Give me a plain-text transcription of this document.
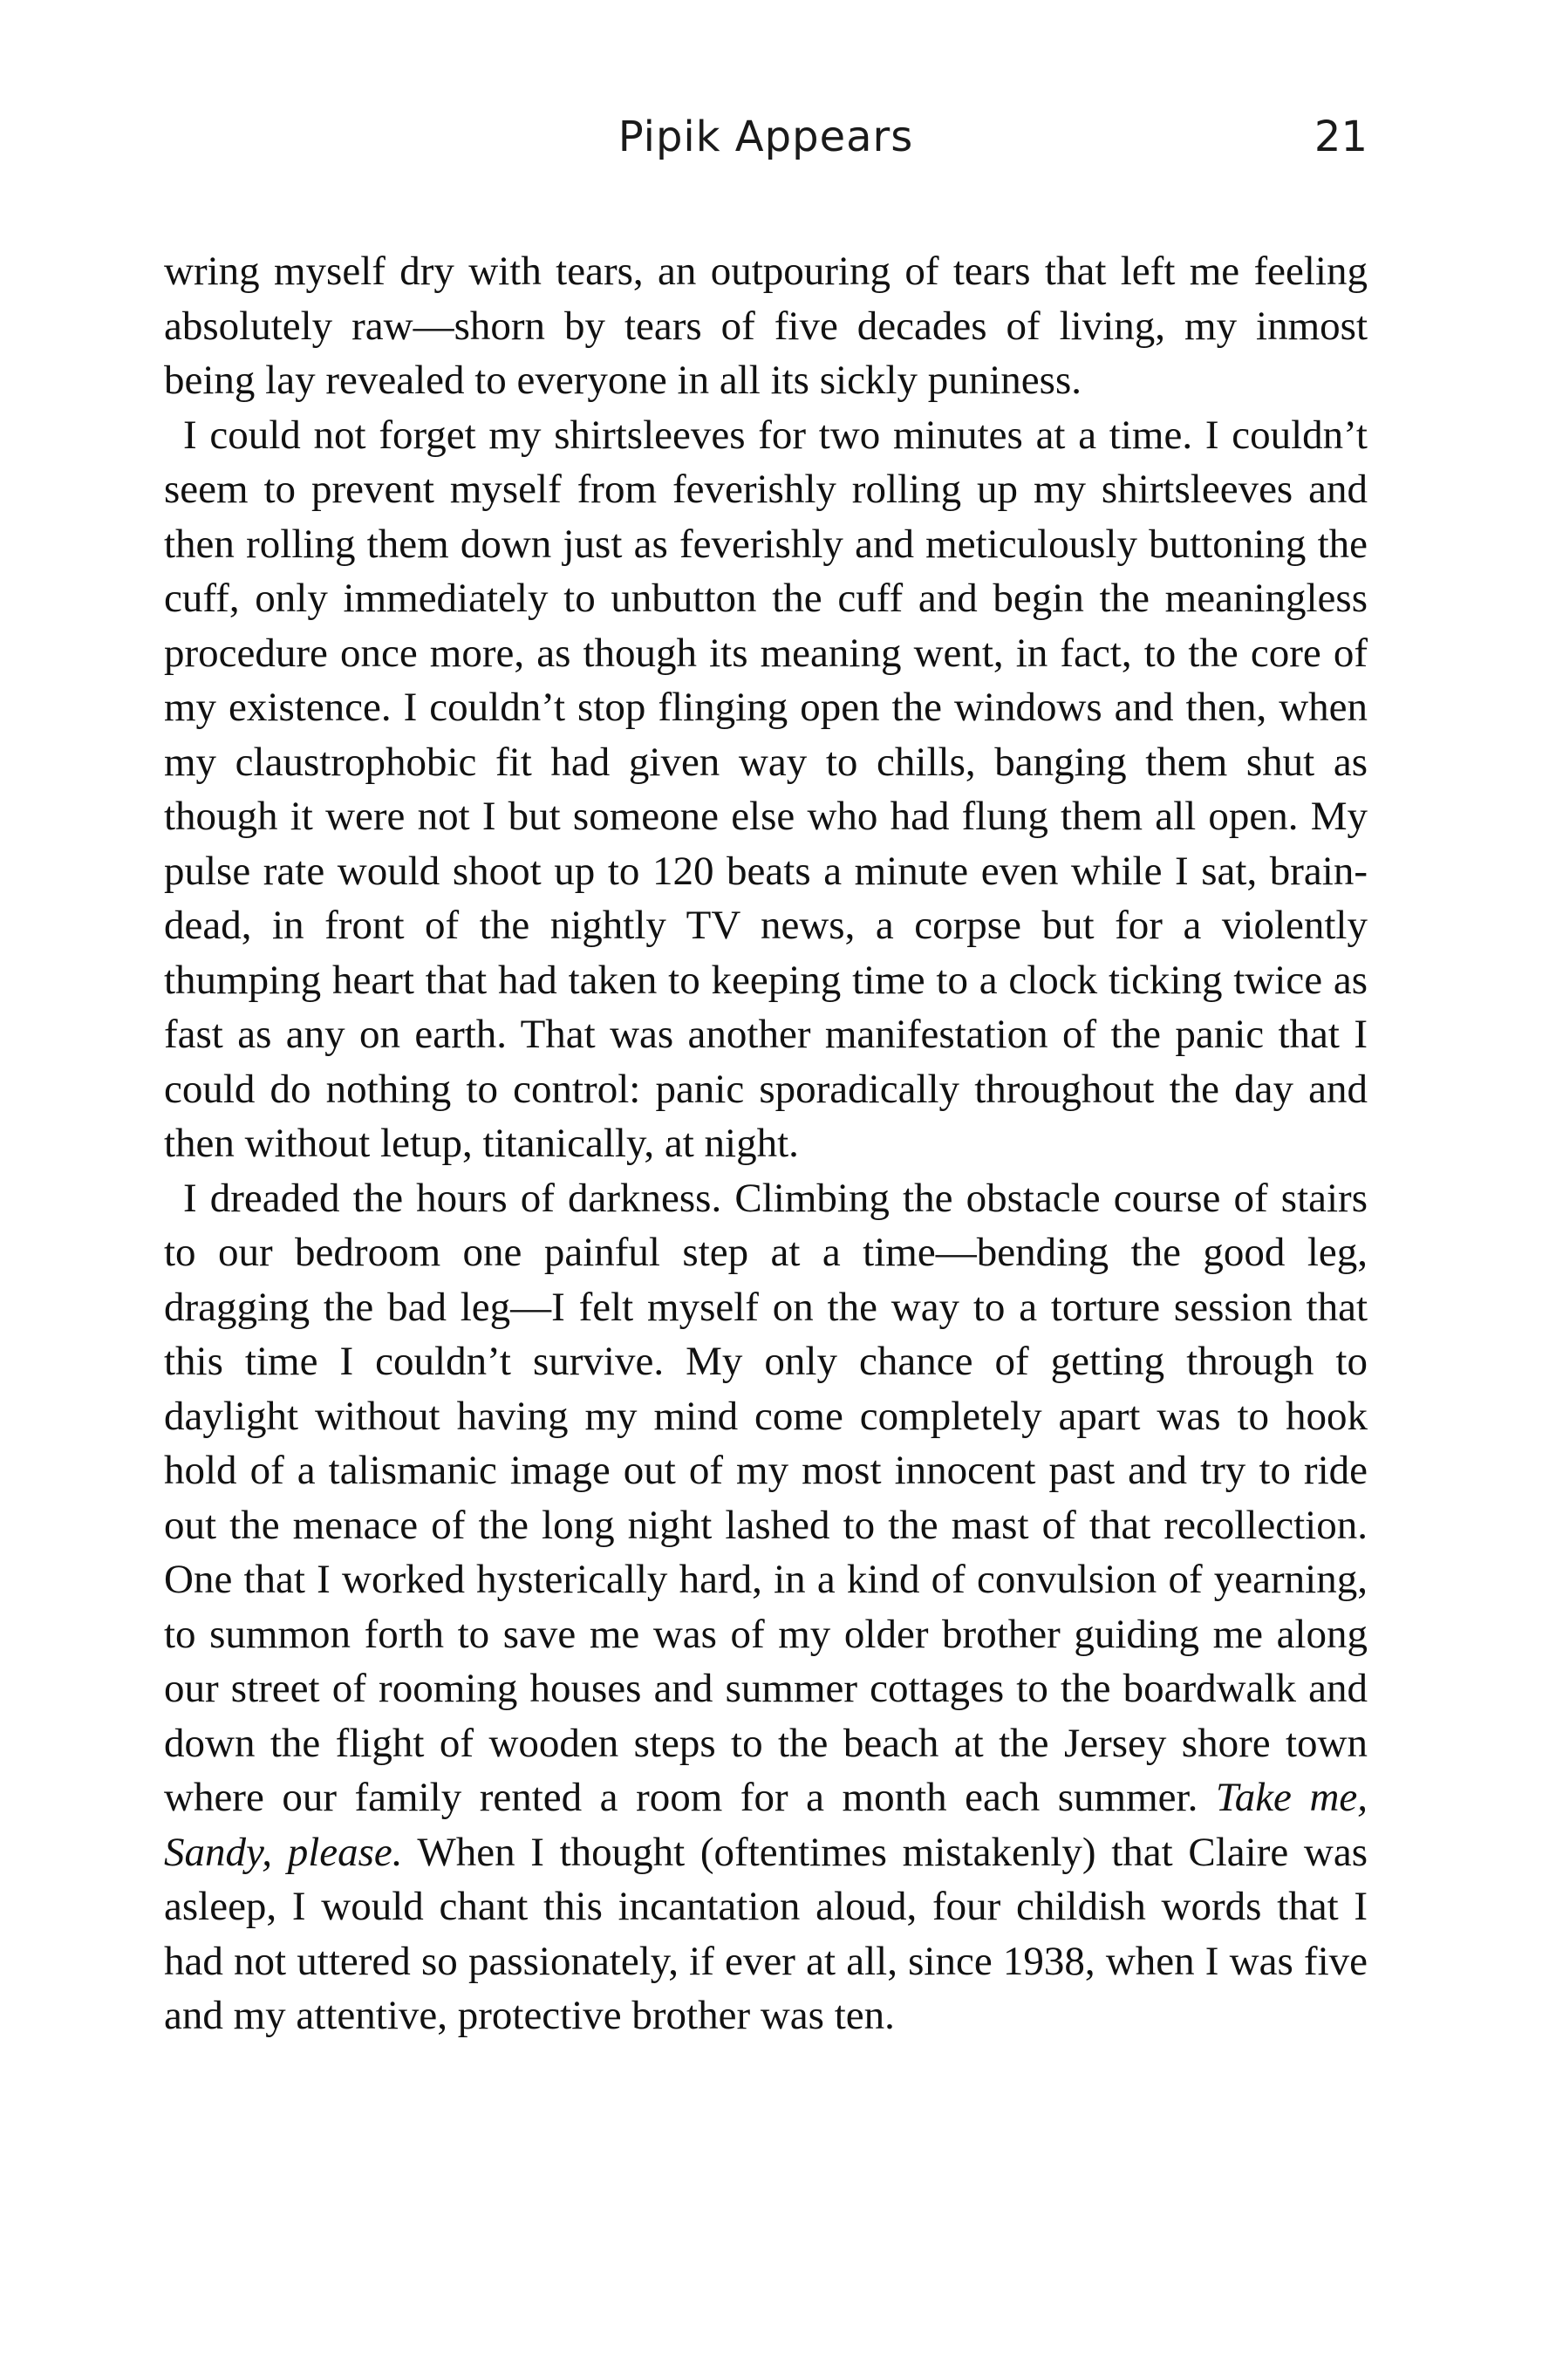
Pipik Appears	21

wring myself dry with tears, an outpouring of tears that left me feeling absolutely raw—shorn by tears of five decades of living, my inmost being lay revealed to everyone in all its sickly puniness.

I could not forget my shirtsleeves for two minutes at a time. I couldn’t seem to prevent myself from feverishly rolling up my shirtsleeves and then rolling them down just as feverishly and meticulously buttoning the cuff, only immediately to unbutton the cuff and begin the meaningless procedure once more, as though its meaning went, in fact, to the core of my existence. I couldn’t stop flinging open the windows and then, when my claustrophobic fit had given way to chills, banging them shut as though it were not I but someone else who had flung them all open. My pulse rate would shoot up to 120 beats a minute even while I sat, brain-dead, in front of the nightly TV news, a corpse but for a violently thumping heart that had taken to keeping time to a clock ticking twice as fast as any on earth. That was another manifestation of the panic that I could do nothing to control: panic sporadically throughout the day and then without letup, titanically, at night.

I dreaded the hours of darkness. Climbing the obstacle course of stairs to our bedroom one painful step at a time—bending the good leg, dragging the bad leg—I felt myself on the way to a torture session that this time I couldn’t survive. My only chance of getting through to daylight without having my mind come completely apart was to hook hold of a talismanic image out of my most innocent past and try to ride out the menace of the long night lashed to the mast of that recollection. One that I worked hysterically hard, in a kind of convulsion of yearning, to summon forth to save me was of my older brother guiding me along our street of rooming houses and summer cottages to the boardwalk and down the flight of wooden steps to the beach at the Jersey shore town where our family rented a room for a month each summer. Take me, Sandy, please. When I thought (oftentimes mistakenly) that Claire was asleep, I would chant this incantation aloud, four childish words that I had not uttered so passionately, if ever at all, since 1938, when I was five and my attentive, protective brother was ten.
